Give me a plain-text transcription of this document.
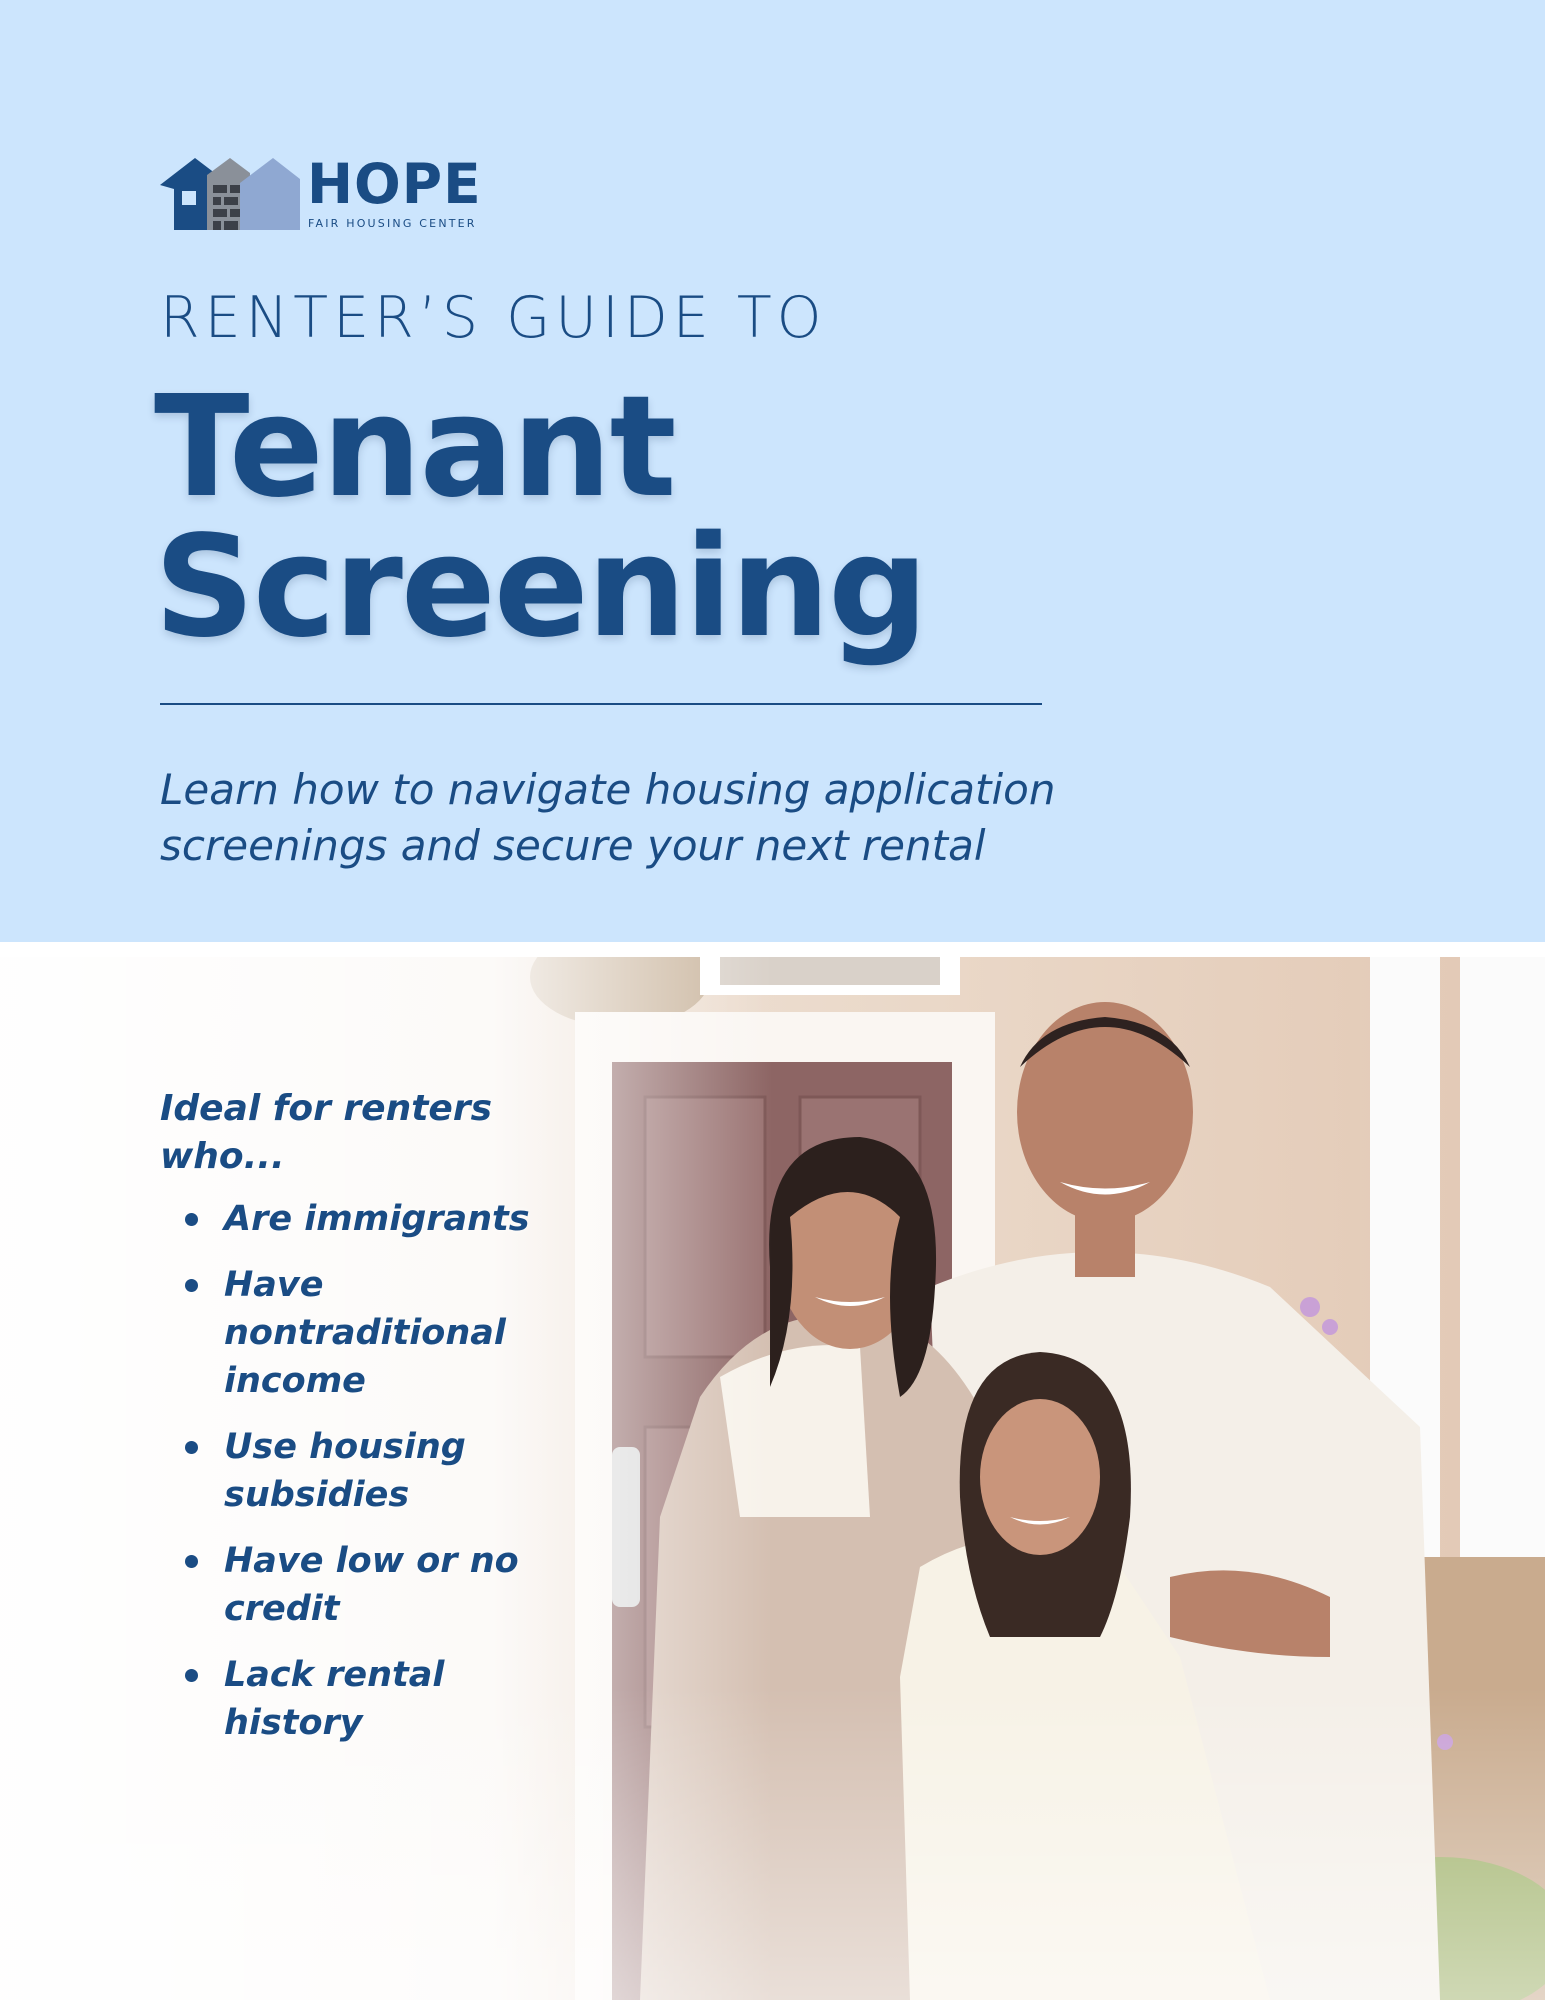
HOPE
FAIR HOUSING CENTER
RENTER’S GUIDE TO
Tenant
Screening
Learn how to navigate housing application screenings and secure your next rental
Ideal for renters who...
Are immigrants
Have nontraditional income
Use housing subsidies
Have low or no credit
Lack rental history
